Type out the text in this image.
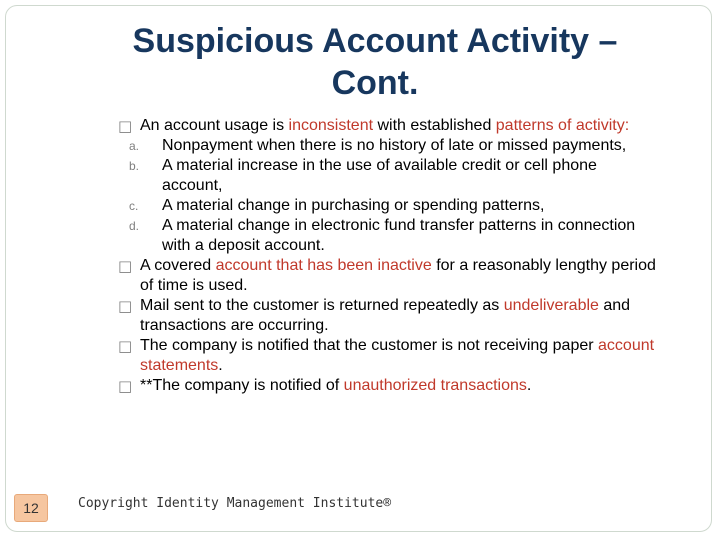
Suspicious Account Activity – Cont.
□ An account usage is inconsistent with established patterns of activity:
a. Nonpayment when there is no history of late or missed payments,
b. A material increase in the use of available credit or cell phone account,
c. A material change in purchasing or spending patterns,
d. A material change in electronic fund transfer patterns in connection with a deposit account.
□ A covered account that has been inactive for a reasonably lengthy period of time is used.
□ Mail sent to the customer is returned repeatedly as undeliverable and transactions are occurring.
□ The company is notified that the customer is not receiving paper account statements.
□ **The company is notified of unauthorized transactions.
12	Copyright Identity Management Institute®
